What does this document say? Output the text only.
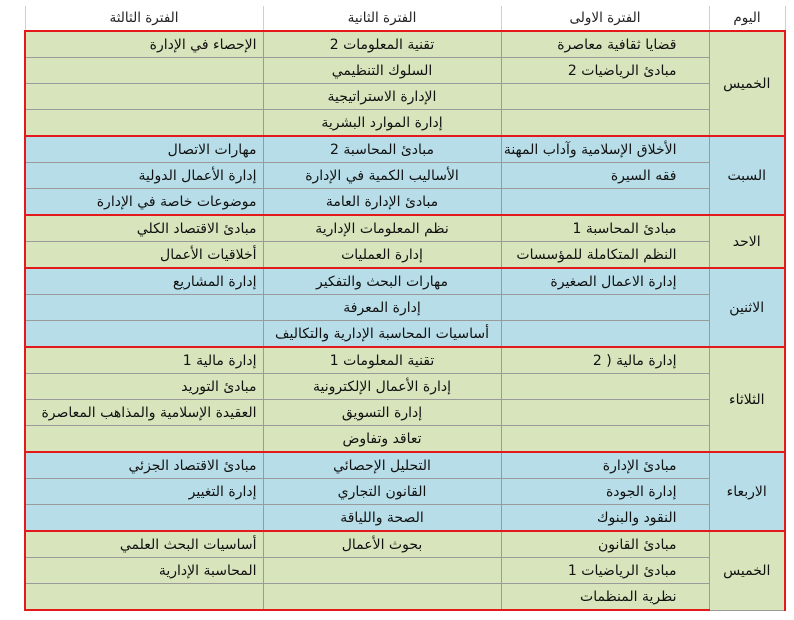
اليوم	الفترة الاولى	الفترة الثانية	الفترة الثالثة
الخميس	قضايا ثقافية معاصرة	تقنية المعلومات 2	الإحصاء في الإدارة
	مبادئ الرياضيات 2	السلوك التنظيمي	
		الإدارة الاستراتيجية	
		إدارة الموارد البشرية	
السبت	الأخلاق الإسلامية وآداب المهنة	مبادئ المحاسبة 2	مهارات الاتصال
	فقه السيرة	الأساليب الكمية في الإدارة	إدارة الأعمال الدولية
		مبادئ الإدارة العامة	موضوعات خاصة في الإدارة
الاحد	مبادئ المحاسبة 1	نظم المعلومات الإدارية	مبادئ الاقتصاد الكلي
	النظم المتكاملة للمؤسسات	إدارة العمليات	أخلاقيات الأعمال
الاثنين	إدارة الاعمال الصغيرة	مهارات البحث والتفكير	إدارة المشاريع
		إدارة المعرفة	
		أساسيات المحاسبة الإدارية والتكاليف	
الثلاثاء	إدارة مالية ( 2	تقنية المعلومات 1	إدارة مالية 1
		إدارة الأعمال الإلكترونية	مبادئ التوريد
		إدارة التسويق	العقيدة الإسلامية والمذاهب المعاصرة
		تعاقد وتفاوض	
الاربعاء	مبادئ الإدارة	التحليل الإحصائي	مبادئ الاقتصاد الجزئي
	إدارة الجودة	القانون التجاري	إدارة التغيير
	النقود والبنوك	الصحة واللياقة	
الخميس	مبادئ القانون	بحوث الأعمال	أساسيات البحث العلمي
	مبادئ الرياضيات 1		المحاسبة الإدارية
	نظرية المنظمات		
